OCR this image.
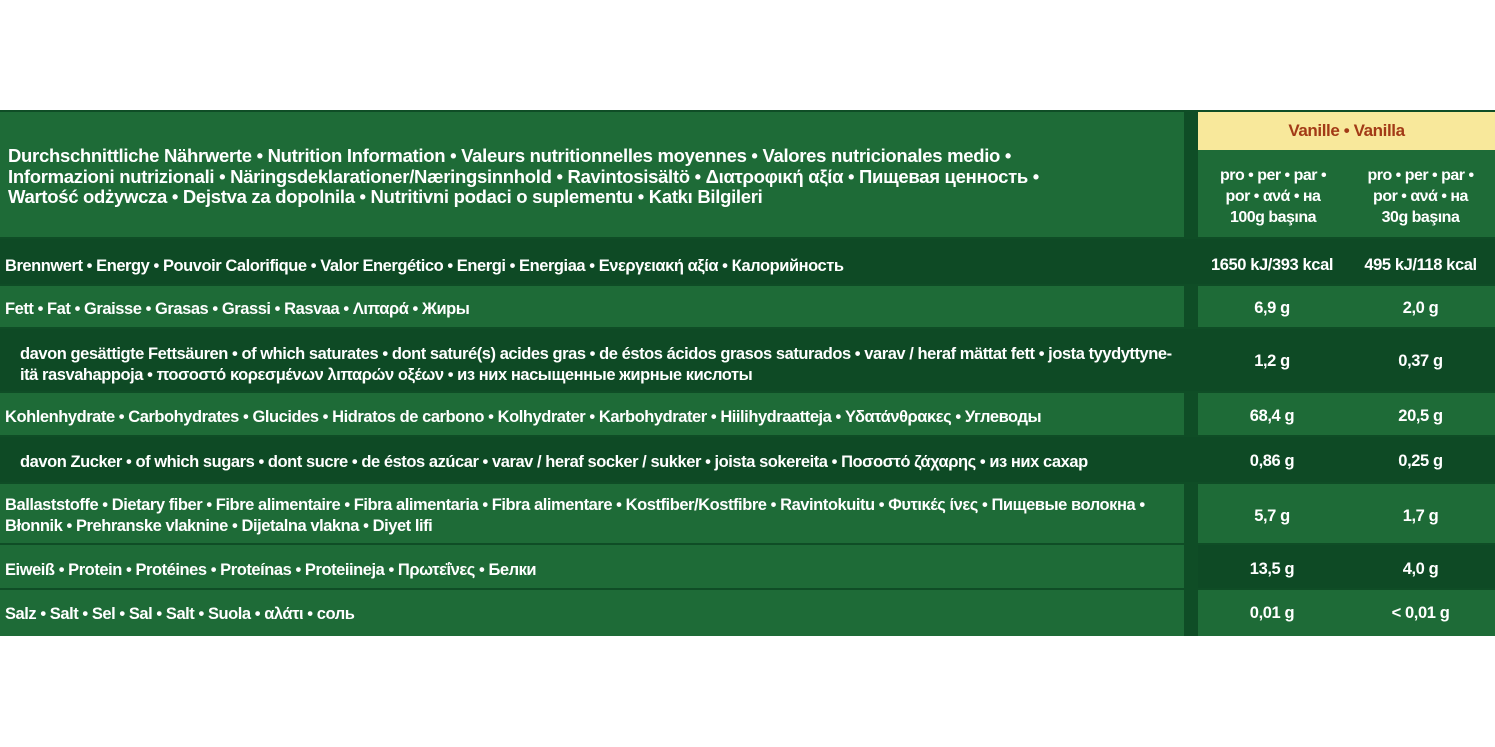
Vanille • Vanilla
Durchschnittliche Nährwerte • Nutrition Information • Valeurs nutritionnelles moyennes • Valores nutricionales medio •
Informazioni nutrizionali • Näringsdeklarationer/Næringsinnhold • Ravintosisältö • Διατροφική αξία • Пищевая ценность •
Wartość odżywcza • Dejstva za dopolnila • Nutritivni podaci o suplementu • Katkı Bilgileri
pro • per • par •
por • ανά • на
100g başına
pro • per • par •
por • ανά • на
30g başına
Brennwert • Energy • Pouvoir Calorifique • Valor Energético • Energi • Energiaa • Ενεργειακή αξία • Калорийность	1650 kJ/393 kcal	495 kJ/118 kcal
Fett • Fat • Graisse • Grasas • Grassi • Rasvaa • Λιπαρά • Жиры	6,9 g	2,0 g
davon gesättigte Fettsäuren • of which saturates • dont saturé(s) acides gras • de éstos ácidos grasos saturados • varav / heraf mättat fett • josta tyydyttyne-
itä rasvahappoja • ποσοστό κορεσμένων λιπαρών οξέων • из них насыщенные жирные кислоты
1,2 g	0,37 g
Kohlenhydrate • Carbohydrates • Glucides • Hidratos de carbono • Kolhydrater • Karbohydrater • Hiilihydraatteja • Υδατάνθρακες • Углеводы	68,4 g	20,5 g
davon Zucker • of which sugars • dont sucre • de éstos azúcar • varav / heraf socker / sukker • joista sokereita • Ποσοστό ζάχαρης • из них сахар	0,86 g	0,25 g
Ballaststoffe • Dietary fiber • Fibre alimentaire • Fibra alimentaria • Fibra alimentare • Kostfiber/Kostfibre • Ravintokuitu • Φυτικές ίνες • Пищевые волокна •
Błonnik • Prehranske vlaknine • Dijetalna vlakna • Diyet lifi
5,7 g	1,7 g
Eiweiß • Protein • Protéines • Proteínas • Proteiineja • Πρωτεΐνες • Белки	13,5 g	4,0 g
Salz • Salt • Sel • Sal • Salt • Suola • αλάτι • соль	0,01 g	< 0,01 g
